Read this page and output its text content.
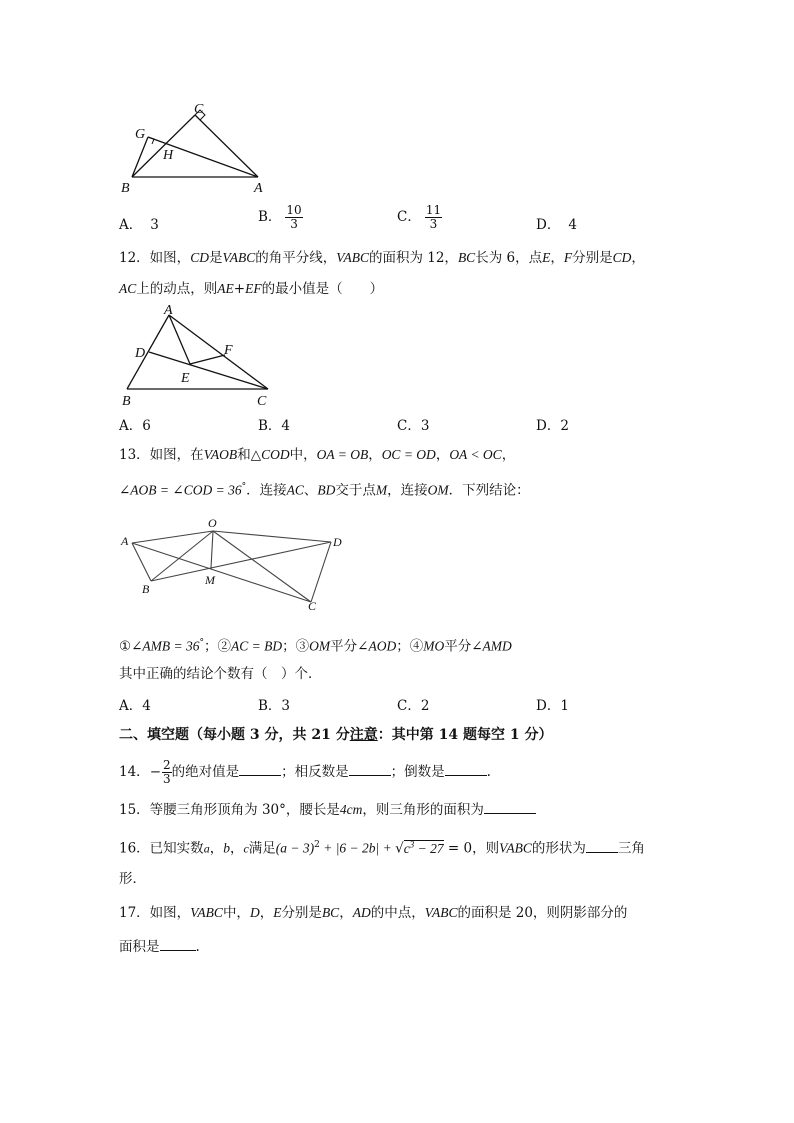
C
G
H
B	A
A． 3	B． $\frac{10}{3}$	C． $\frac{11}{3}$	D． 4
12．如图，CD是VABC的角平分线，VABC的面积为 12，BC长为 6，点E，F分别是CD，
AC上的动点，则AE+EF的最小值是（　　）
A
D	F
E
B	C
A．6	B．4	C．3	D．2
13．如图，在VAOB和△COD中，OA = OB，OC = OD，OA < OC，
∠AOB = ∠COD = 36°．连接AC、BD交于点M，连接OM．下列结论：
O
A	D
M
B
C
①∠AMB = 36°；②AC = BD；③OM平分∠AOD；④MO平分∠AMD
其中正确的结论个数有（　）个．
A．4	B．3	C．2	D．1
二、填空题（每小题 3 分，共 21 分注意：其中第 14 题每空 1 分）
14．− $\frac{2}{3}$ 的绝对值是	；相反数是	；倒数是	.
15．等腰三角形顶角为 30°，腰长是4cm，则三角形的面积为
16．已知实数a，b，c满足$(a - 3)^2 + |6 - 2b| + √c^3 - 27 = 0$，则VABC的形状为 三角
形．
17．如图，VABC中，D，E分别是BC，AD的中点，VABC的面积是 20，则阴影部分的
面积是	.
